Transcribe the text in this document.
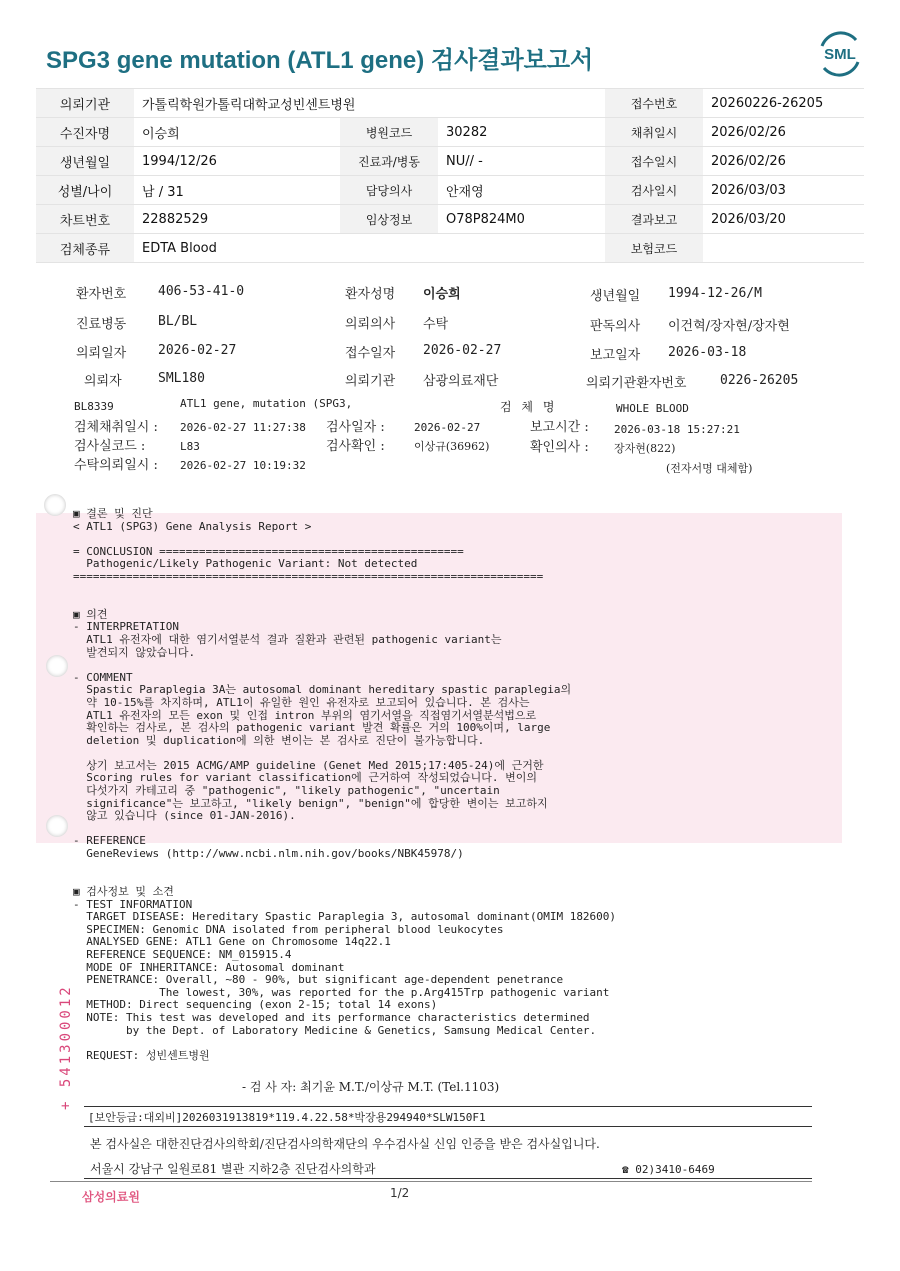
SPG3 gene mutation (ATL1 gene) 검사결과보고서	SML
의뢰기관	가톨릭학원가톨릭대학교성빈센트병원			접수번호	20260226-26205
수진자명	이승희	병원코드	30282	채취일시	2026/02/26
생년월일	1994/12/26	진료과/병동	NU// -	접수일시	2026/02/26
성별/나이	남 / 31	담당의사	안재영	검사일시	2026/03/03
차트번호	22882529	임상정보	O78P824M0	결과보고	2026/03/20
검체종류	EDTA Blood			보험코드	
환자번호 406-53-41-0	환자성명 이승희	생년월일 1994-12-26/M
진료병동 BL/BL	의뢰의사 수탁	판독의사 이건혁/장자현/장자현
의뢰일자 2026-02-27	접수일자 2026-02-27	보고일자 2026-03-18
의뢰자	SML180	의뢰기관 삼광의료재단	의뢰기관환자번호	0226-26205
BL8339	ATL1 gene, mutation (SPG3,	검 체 명	WHOLE BLOOD
검체채취일시 : 2026-02-27 11:27:38 검사일자 :	2026-02-27	보고시간 : 2026-03-18 15:27:21
검사실코드 :	L83	검사확인 :	이상규(36962)	확인의사 : 장자현(822)
수탁의뢰일시 : 2026-02-27 10:19:32	(전자서명 대체함)
▣ 결론 및 진단
< ATL1 (SPG3) Gene Analysis Report >

= CONCLUSION ==============================================
Pathogenic/Likely Pathogenic Variant: Not detected
=======================================================================

▣ 의견
- INTERPRETATION
ATL1 유전자에 대한 염기서열분석 결과 질환과 관련된 pathogenic variant는
발견되지 않았습니다.

- COMMENT
Spastic Paraplegia 3A는 autosomal dominant hereditary spastic paraplegia의
약 10-15%를 차지하며, ATL1이 유일한 원인 유전자로 보고되어 있습니다. 본 검사는
ATL1 유전자의 모든 exon 및 인접 intron 부위의 염기서열을 직접염기서열분석법으로
확인하는 검사로, 본 검사의 pathogenic variant 발견 확률은 거의 100%이며, large
deletion 및 duplication에 의한 변이는 본 검사로 진단이 불가능합니다.

상기 보고서는 2015 ACMG/AMP guideline (Genet Med 2015;17:405-24)에 근거한
Scoring rules for variant classification에 근거하여 작성되었습니다. 변이의
다섯가지 카테고리 중 "pathogenic", "likely pathogenic", "uncertain
significance"는 보고하고, "likely benign", "benign"에 합당한 변이는 보고하지
않고 있습니다 (since 01-JAN-2016).

- REFERENCE
GeneReviews (http://www.ncbi.nlm.nih.gov/books/NBK45978/)
▣ 검사정보 및 소견
- TEST INFORMATION
TARGET DISEASE: Hereditary Spastic Paraplegia 3, autosomal dominant(OMIM 182600)
SPECIMEN: Genomic DNA isolated from peripheral blood leukocytes
ANALYSED GENE: ATL1 Gene on Chromosome 14q22.1
REFERENCE SEQUENCE: NM_015915.4
MODE OF INHERITANCE: Autosomal dominant
PENETRANCE: Overall, ~80 - 90%, but significant age-dependent penetrance
The lowest, 30%, was reported for the p.Arg415Trp pathogenic variant
METHOD: Direct sequencing (exon 2-15; total 14 exons)
NOTE: This test was developed and its performance characteristics determined
by the Dept. of Laboratory Medicine & Genetics, Samsung Medical Center.

REQUEST: 성빈센트병원
- 검 사 자: 최기윤 M.T./이상규 M.T. (Tel.1103)
+ 541300012
[보안등급:대외비]2026031913819*119.4.22.58*박장용294940*SLW150F1
본 검사실은 대한진단검사의학회/진단검사의학재단의 우수검사실 신임 인증을 받은 검사실입니다.
서울시 강남구 일원로81 별관 지하2층 진단검사의학과	☎ 02)3410-6469
삼성의료원	1/2
